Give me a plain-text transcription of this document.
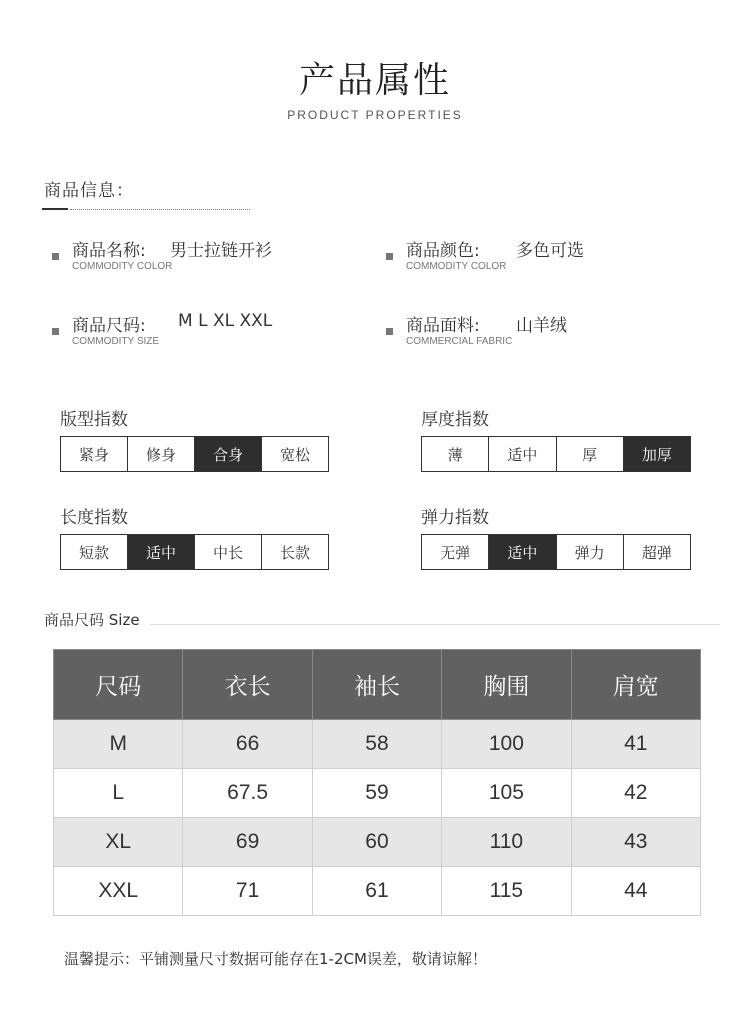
产品属性
PRODUCT PROPERTIES
商品信息：
商品名称: 男士拉链开衫
COMMODITY COLOR
商品颜色: 多色可选
COMMODITY COLOR
商品尺码: M L XL XXL
COMMODITY SIZE
商品面料: 山羊绒
COMMERCIAL FABRIC
版型指数
紧身	修身	合身	宽松
厚度指数
薄	适中	厚	加厚
长度指数
短款	适中	中长	长款
弹力指数
无弹	适中	弹力	超弹
商品尺码 Size
尺码	衣长	袖长	胸围	肩宽
M	66	58	100	41
L	67.5	59	105	42
XL	69	60	110	43
XXL	71	61	115	44
温馨提示：平铺测量尺寸数据可能存在1-2CM误差，敬请谅解！
